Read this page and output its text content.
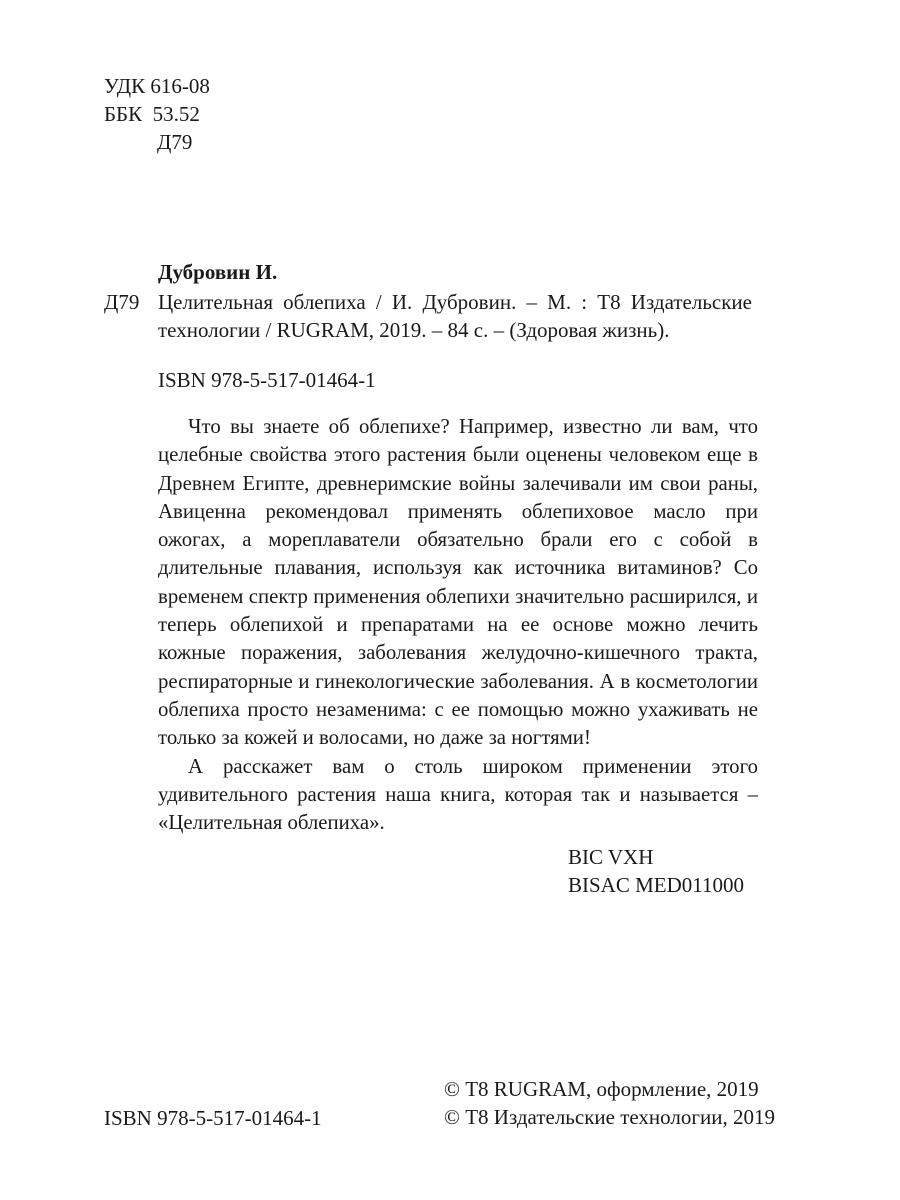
УДК 616-08
ББК  53.52
Д79
Дубровин И.
Д79 Целительная облепиха / И. Дубровин. – М. : Т8 Издательские технологии / RUGRAM, 2019. – 84 с. – (Здоровая жизнь).
ISBN 978-5-517-01464-1

Что вы знаете об облепихе? Например, известно ли вам, что целебные свойства этого растения были оценены человеком еще в Древнем Египте, древнеримские войны залечивали им свои раны, Авиценна рекомендовал применять облепиховое масло при ожогах, а мореплаватели обязательно брали его с собой в длительные плавания, используя как источника витаминов? Со временем спектр применения облепихи значительно расширился, и теперь облепихой и препаратами на ее основе можно лечить кожные поражения, заболевания желудочно-кишечного тракта, респираторные и гинекологические заболевания. А в косметологии облепиха просто незаменима: с ее помощью можно ухаживать не только за кожей и волосами, но даже за ногтями!

А расскажет вам о столь широком применении этого удивительного растения наша книга, которая так и называется – «Целительная облепиха».

BIC VXH
BISAC MED011000
ISBN 978-5-517-01464-1
© Т8 RUGRAM, оформление, 2019
© Т8 Издательские технологии, 2019
